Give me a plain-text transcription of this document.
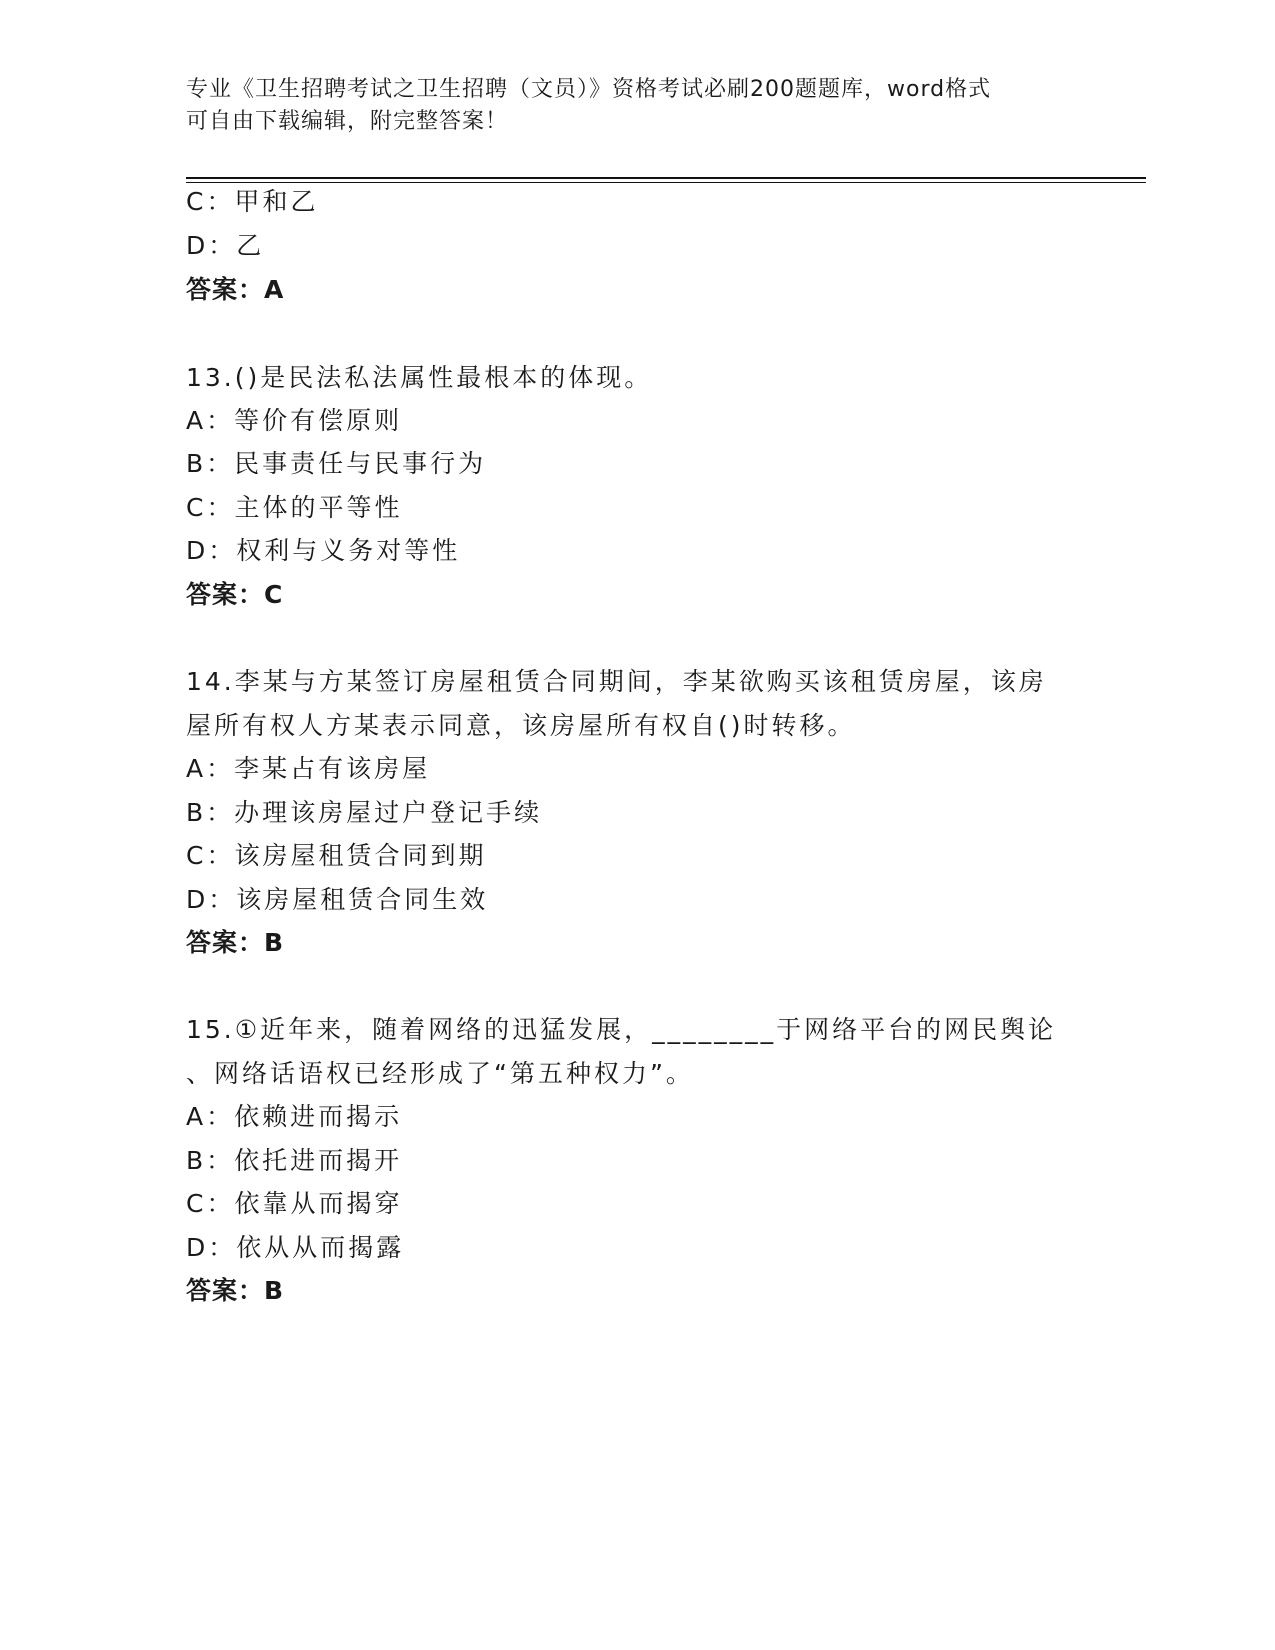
专业《卫生招聘考试之卫生招聘（文员）》资格考试必刷200题题库，word格式
可自由下载编辑，附完整答案！
C：甲和乙
D：乙
答案：A
13.()是民法私法属性最根本的体现。
A：等价有偿原则
B：民事责任与民事行为
C：主体的平等性
D：权利与义务对等性
答案：C
14.李某与方某签订房屋租赁合同期间，李某欲购买该租赁房屋，该房
屋所有权人方某表示同意，该房屋所有权自()时转移。
A：李某占有该房屋
B：办理该房屋过户登记手续
C：该房屋租赁合同到期
D：该房屋租赁合同生效
答案：B
15.①近年来，随着网络的迅猛发展，________于网络平台的网民舆论
、网络话语权已经形成了“第五种权力”。
A：依赖进而揭示
B：依托进而揭开
C：依靠从而揭穿
D：依从从而揭露
答案：B
